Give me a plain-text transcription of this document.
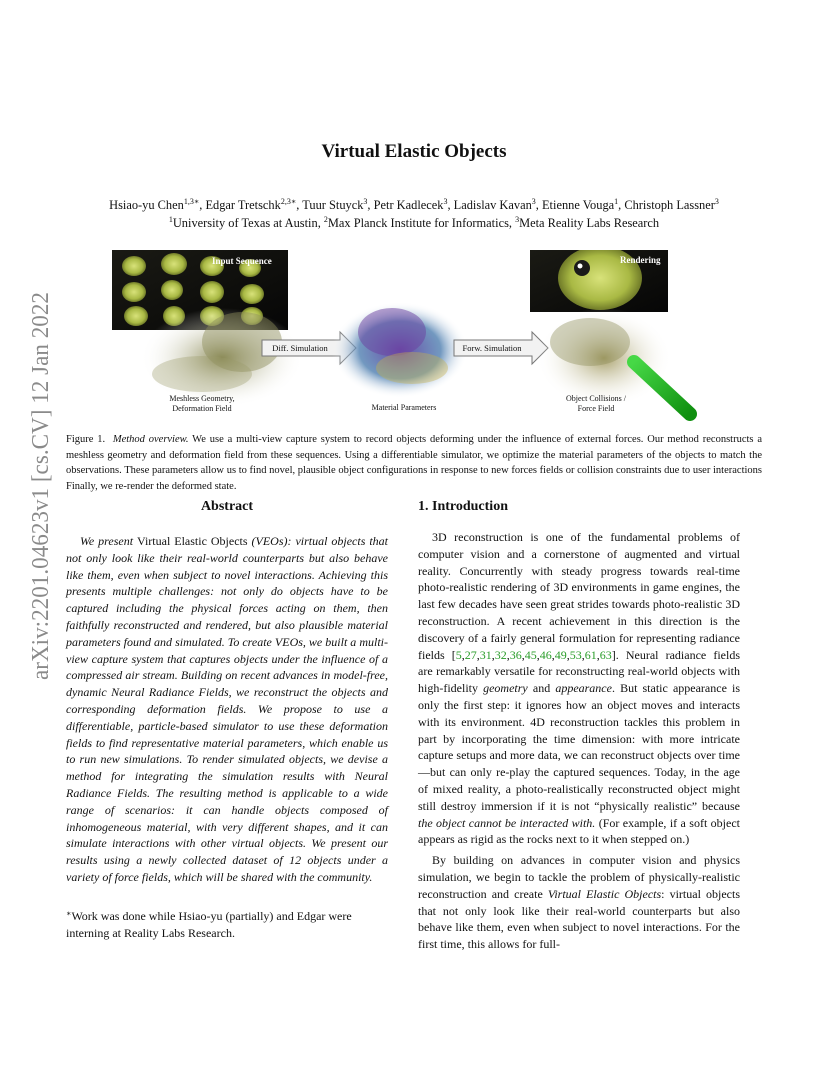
arXiv:2201.04623v1 [cs.CV] 12 Jan 2022
Virtual Elastic Objects
Hsiao-yu Chen$^{1,3∗}$, Edgar Tretschk$^{2,3∗}$, Tuur Stuyck$^3$, Petr Kadlecek$^3$, Ladislav Kavan$^3$, Etienne Vouga$^1$, Christoph Lassner$^3$
$^1$University of Texas at Austin, $^2$Max Planck Institute for Informatics, $^3$Meta Reality Labs Research
Input Sequence
Meshless Geometry,
Deformation Field
Diff. Simulation
Material Parameters
Forw. Simulation
Rendering
Object Collisions /
Force Field

Figure 1. Method overview. We use a multi-view capture system to record objects deforming under the influence of external forces. Our method reconstructs a meshless geometry and deformation field from these sequences. Using a differentiable simulator, we optimize the material parameters of the objects to match the observations. These parameters allow us to find novel, plausible object configurations in response to new forces fields or collision constraints due to user interactions Finally, we re-render the deformed state.

Abstract

We present Virtual Elastic Objects (VEOs): virtual objects that not only look like their real-world counterparts but also behave like them, even when subject to novel interactions. Achieving this presents multiple challenges: not only do objects have to be captured including the physical forces acting on them, then faithfully reconstructed and rendered, but also plausible material parameters found and simulated. To create VEOs, we built a multi-view capture system that captures objects under the influence of a compressed air stream. Building on recent advances in model-free, dynamic Neural Radiance Fields, we reconstruct the objects and corresponding deformation fields. We propose to use a differentiable, particle-based simulator to use these deformation fields to find representative material parameters, which enable us to run new simulations. To render simulated objects, we devise a method for integrating the simulation results with Neural Radiance Fields. The resulting method is applicable to a wide range of scenarios: it can handle objects composed of inhomogeneous material, with very different shapes, and it can simulate interactions with other virtual objects. We present our results using a newly collected dataset of 12 objects under a variety of force fields, which will be shared with the community.

∗Work was done while Hsiao-yu (partially) and Edgar were interning at Reality Labs Research.

1. Introduction

3D reconstruction is one of the fundamental problems of computer vision and a cornerstone of augmented and virtual reality. Concurrently with steady progress towards real-time photo-realistic rendering of 3D environments in game engines, the last few decades have seen great strides towards photo-realistic 3D reconstruction. A recent achievement in this direction is the discovery of a fairly general formulation for representing radiance fields [5,27,31,32,36,45,46,49,53,61,63]. Neural radiance fields are remarkably versatile for reconstructing real-world objects with high-fidelity geometry and appearance. But static appearance is only the first step: it ignores how an object moves and interacts with its environment. 4D reconstruction tackles this problem in part by incorporating the time dimension: with more intricate capture setups and more data, we can reconstruct objects over time—but can only re-play the captured sequences. Today, in the age of mixed reality, a photo-realistically reconstructed object might still destroy immersion if it is not “physically realistic” because the object cannot be interacted with. (For example, if a soft object appears as rigid as the rocks next to it when stepped on.)

By building on advances in computer vision and physics simulation, we begin to tackle the problem of physically-realistic reconstruction and create Virtual Elastic Objects: virtual objects that not only look like their real-world counterparts but also behave like them, even when subject to novel interactions. For the first time, this allows for full-
